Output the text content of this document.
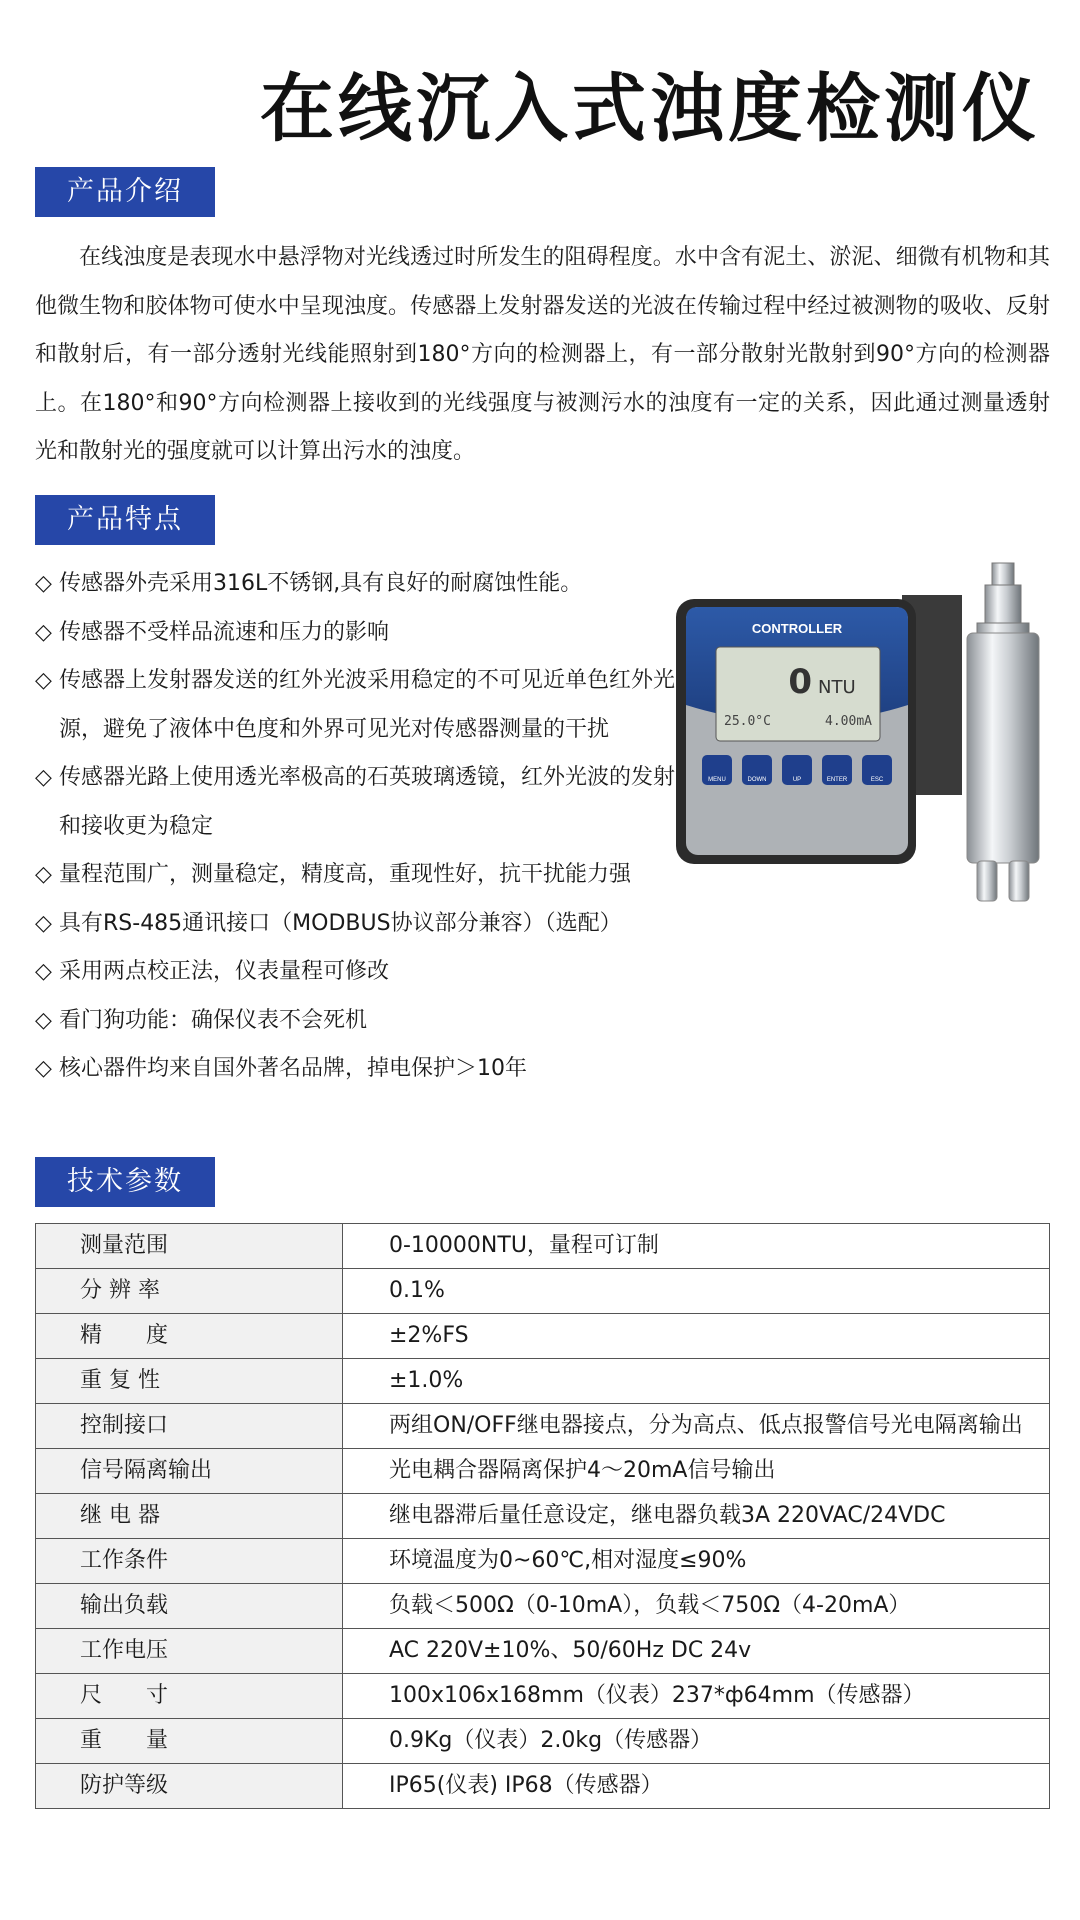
在线沉入式浊度检测仪
产品介绍
在线浊度是表现水中悬浮物对光线透过时所发生的阻碍程度。水中含有泥土、淤泥、细微有机物和其他微生物和胶体物可使水中呈现浊度。传感器上发射器发送的光波在传输过程中经过被测物的吸收、反射和散射后，有一部分透射光线能照射到180°方向的检测器上，有一部分散射光散射到90°方向的检测器上。在180°和90°方向检测器上接收到的光线强度与被测污水的浊度有一定的关系，因此通过测量透射光和散射光的强度就可以计算出污水的浊度。
产品特点
◇ 传感器外壳采用316L不锈钢,具有良好的耐腐蚀性能。
◇ 传感器不受样品流速和压力的影响
◇ 传感器上发射器发送的红外光波采用稳定的不可见近单色红外光源，避免了液体中色度和外界可见光对传感器测量的干扰
◇ 传感器光路上使用透光率极高的石英玻璃透镜，红外光波的发射和接收更为稳定
◇ 量程范围广，测量稳定，精度高，重现性好，抗干扰能力强
◇ 具有RS-485通讯接口（MODBUS协议部分兼容）（选配）
◇ 采用两点校正法，仪表量程可修改
◇ 看门狗功能：确保仪表不会死机
◇ 核心器件均来自国外著名品牌，掉电保护＞10年
CONTROLLER
0 NTU
25.0°C	4.00mA
MENU	DOWN	UP	ENTER	ESC
技术参数
测量范围	0-10000NTU，量程可订制
分 辨 率	0.1%
精　　度	±2%FS
重 复 性	±1.0%
控制接口	两组ON/OFF继电器接点，分为高点、低点报警信号光电隔离输出
信号隔离输出	光电耦合器隔离保护4～20mA信号输出
继 电 器	继电器滞后量任意设定，继电器负载3A 220VAC/24VDC
工作条件	环境温度为0~60℃,相对湿度≤90%
输出负载	负载＜500Ω（0-10mA），负载＜750Ω（4-20mA）
工作电压	AC 220V±10%、50/60Hz DC 24v
尺　　寸	100x106x168mm（仪表）237*ф64mm（传感器）
重　　量	0.9Kg（仪表）2.0kg（传感器）
防护等级	IP65(仪表) IP68（传感器）
